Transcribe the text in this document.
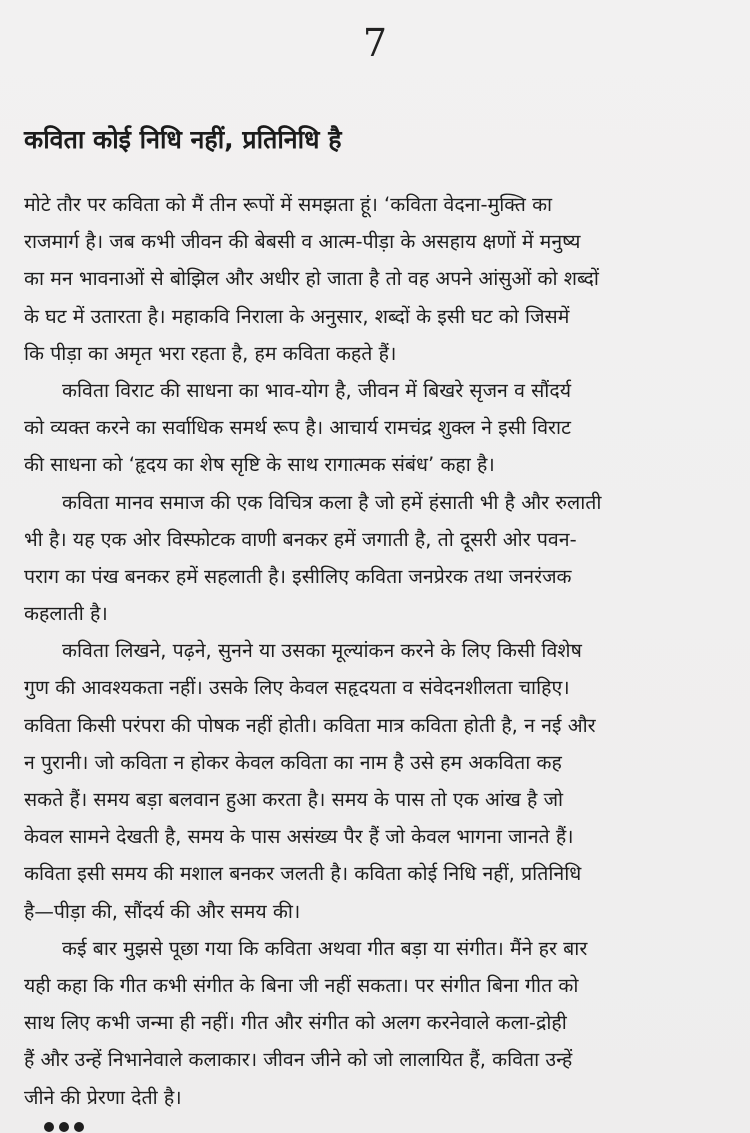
7
कविता कोई निधि नहीं, प्रतिनिधि है
मोटे तौर पर कविता को मैं तीन रूपों में समझता हूं। ‘कविता वेदना-मुक्ति का
राजमार्ग है। जब कभी जीवन की बेबसी व आत्म-पीड़ा के असहाय क्षणों में मनुष्य
का मन भावनाओं से बोझिल और अधीर हो जाता है तो वह अपने आंसुओं को शब्दों
के घट में उतारता है। महाकवि निराला के अनुसार, शब्दों के इसी घट को जिसमें
कि पीड़ा का अमृत भरा रहता है, हम कविता कहते हैं।
कविता विराट की साधना का भाव-योग है, जीवन में बिखरे सृजन व सौंदर्य
को व्यक्त करने का सर्वाधिक समर्थ रूप है। आचार्य रामचंद्र शुक्ल ने इसी विराट
की साधना को ‘हृदय का शेष सृष्टि के साथ रागात्मक संबंध’ कहा है।
कविता मानव समाज की एक विचित्र कला है जो हमें हंसाती भी है और रुलाती
भी है। यह एक ओर विस्फोटक वाणी बनकर हमें जगाती है, तो दूसरी ओर पवन-
पराग का पंख बनकर हमें सहलाती है। इसीलिए कविता जनप्रेरक तथा जनरंजक
कहलाती है।
कविता लिखने, पढ़ने, सुनने या उसका मूल्यांकन करने के लिए किसी विशेष
गुण की आवश्यकता नहीं। उसके लिए केवल सहृदयता व संवेदनशीलता चाहिए।
कविता किसी परंपरा की पोषक नहीं होती। कविता मात्र कविता होती है, न नई और
न पुरानी। जो कविता न होकर केवल कविता का नाम है उसे हम अकविता कह
सकते हैं। समय बड़ा बलवान हुआ करता है। समय के पास तो एक आंख है जो
केवल सामने देखती है, समय के पास असंख्य पैर हैं जो केवल भागना जानते हैं।
कविता इसी समय की मशाल बनकर जलती है। कविता कोई निधि नहीं, प्रतिनिधि
है—पीड़ा की, सौंदर्य की और समय की।
कई बार मुझसे पूछा गया कि कविता अथवा गीत बड़ा या संगीत। मैंने हर बार
यही कहा कि गीत कभी संगीत के बिना जी नहीं सकता। पर संगीत बिना गीत को
साथ लिए कभी जन्मा ही नहीं। गीत और संगीत को अलग करनेवाले कला-द्रोही
हैं और उन्हें निभानेवाले कलाकार। जीवन जीने को जो लालायित हैं, कविता उन्हें
जीने की प्रेरणा देती है।
